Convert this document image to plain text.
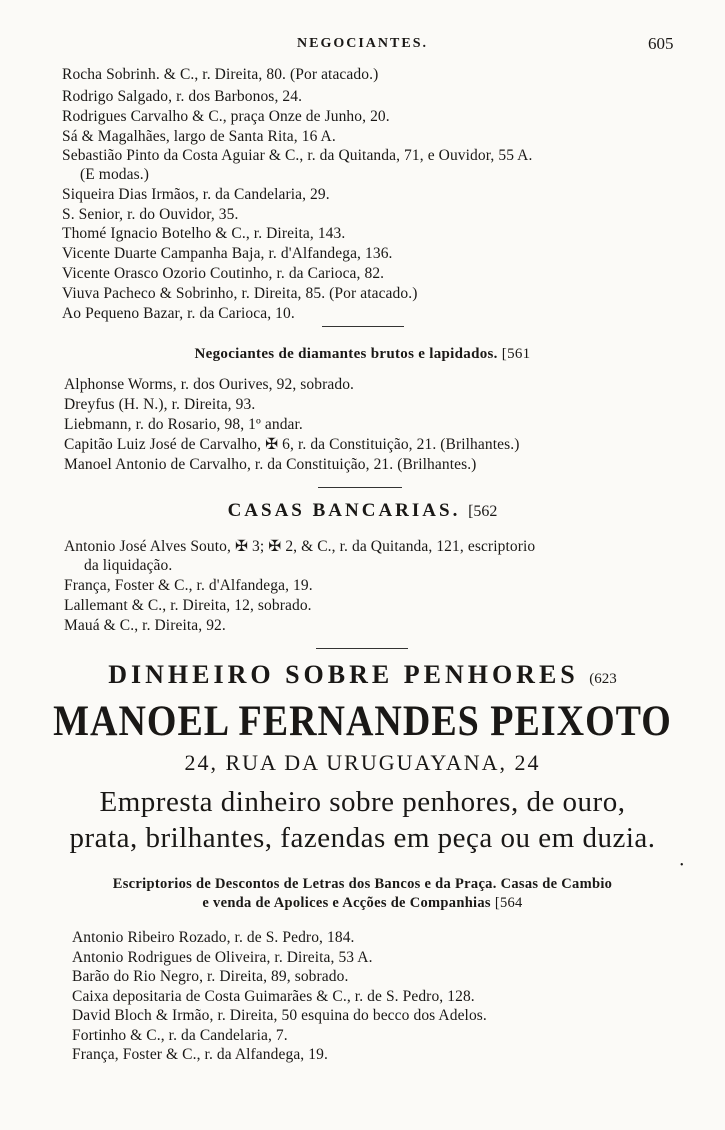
NEGOCIANTES.	605
Rocha Sobrinh. & C., r. Direita, 80. (Por atacado.)
Rodrigo Salgado, r. dos Barbonos, 24.
Rodrigues Carvalho & C., praça Onze de Junho, 20.
Sá & Magalhães, largo de Santa Rita, 16 A.
Sebastião Pinto da Costa Aguiar & C., r. da Quitanda, 71, e Ouvidor, 55 A.
(E modas.)
Siqueira Dias Irmãos, r. da Candelaria, 29.
S. Senior, r. do Ouvidor, 35.
Thomé Ignacio Botelho & C., r. Direita, 143.
Vicente Duarte Campanha Baja, r. d'Alfandega, 136.
Vicente Orasco Ozorio Coutinho, r. da Carioca, 82.
Viuva Pacheco & Sobrinho, r. Direita, 85. (Por atacado.)
Ao Pequeno Bazar, r. da Carioca, 10.
Negociantes de diamantes brutos e lapidados. [561
Alphonse Worms, r. dos Ourives, 92, sobrado.
Dreyfus (H. N.), r. Direita, 93.
Liebmann, r. do Rosario, 98, 1º andar.
Capitão Luiz José de Carvalho, ✠ 6, r. da Constituição, 21. (Brilhantes.)
Manoel Antonio de Carvalho, r. da Constituição, 21. (Brilhantes.)
CASAS BANCARIAS. [562
Antonio José Alves Souto, ✠ 3; ✠ 2, & C., r. da Quitanda, 121, escriptorio
da liquidação.
França, Foster & C., r. d'Alfandega, 19.
Lallemant & C., r. Direita, 12, sobrado.
Mauá & C., r. Direita, 92.
DINHEIRO SOBRE PENHORES (623
MANOEL FERNANDES PEIXOTO
24, RUA DA URUGUAYANA, 24
Empresta dinheiro sobre penhores, de ouro,
prata, brilhantes, fazendas em peça ou em duzia.
•
Escriptorios de Descontos de Letras dos Bancos e da Praça. Casas de Cambio
e venda de Apolices e Acções de Companhias [564
Antonio Ribeiro Rozado, r. de S. Pedro, 184.
Antonio Rodrigues de Oliveira, r. Direita, 53 A.
Barão do Rio Negro, r. Direita, 89, sobrado.
Caixa depositaria de Costa Guimarães & C., r. de S. Pedro, 128.
David Bloch & Irmão, r. Direita, 50 esquina do becco dos Adelos.
Fortinho & C., r. da Candelaria, 7.
França, Foster & C., r. da Alfandega, 19.
